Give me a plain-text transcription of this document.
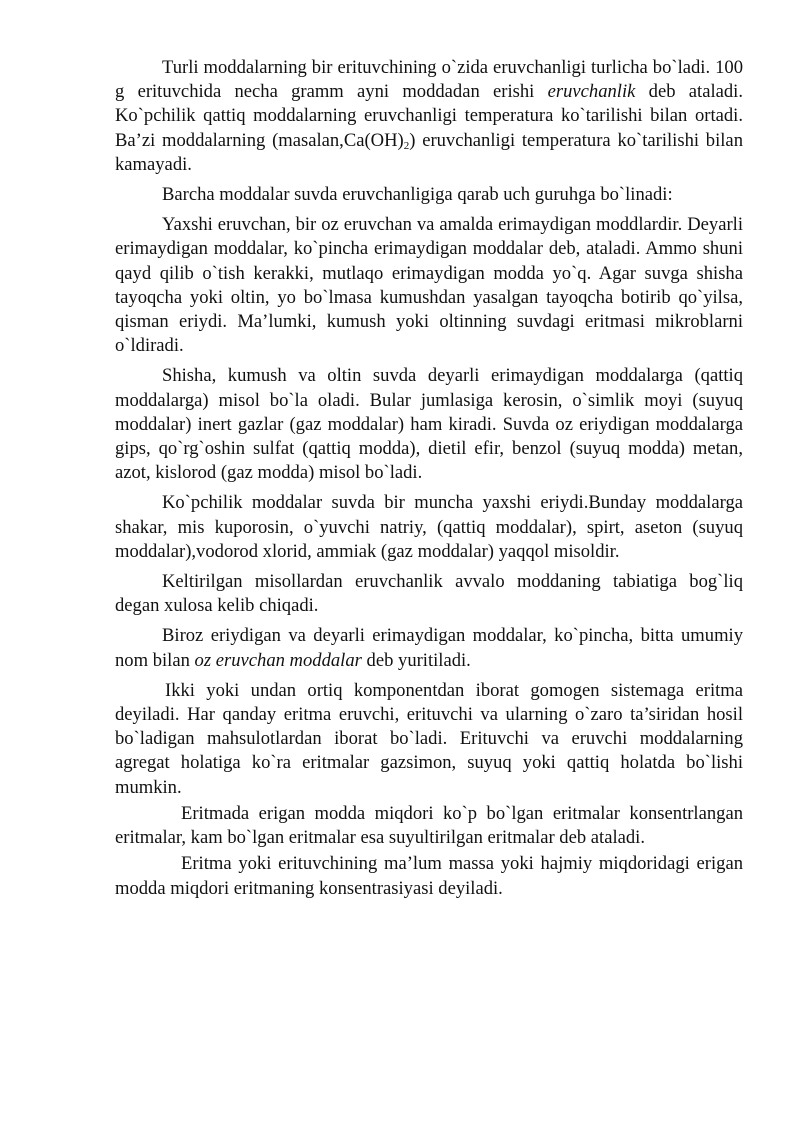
Turli moddalarning bir erituvchining o`zida eruvchanligi turlicha bo`ladi. 100 g erituvchida necha gramm ayni moddadan erishi eruvchanlik deb ataladi. Ko`pchilik qattiq moddalarning eruvchanligi temperatura ko`tarilishi bilan ortadi. Ba’zi moddalarning $(masalan,Ca(OH)_2)$ eruvchanligi temperatura ko`tarilishi bilan kamayadi.

Barcha moddalar suvda eruvchanligiga qarab uch guruhga bo`linadi:

Yaxshi eruvchan, bir oz eruvchan va amalda erimaydigan moddlardir. Deyarli erimaydigan moddalar, ko`pincha erimaydigan moddalar deb, ataladi. Ammo shuni qayd qilib o`tish kerakki, mutlaqo erimaydigan modda yo`q. Agar suvga shisha tayoqcha yoki oltin, yo bo`lmasa kumushdan yasalgan tayoqcha botirib qo`yilsa, qisman eriydi. Ma’lumki, kumush yoki oltinning suvdagi eritmasi mikroblarni o`ldiradi.

Shisha, kumush va oltin suvda deyarli erimaydigan moddalarga (qattiq moddalarga) misol bo`la oladi. Bular jumlasiga kerosin, o`simlik moyi (suyuq moddalar) inert gazlar (gaz moddalar) ham kiradi. Suvda oz eriydigan moddalarga gips, qo`rg`oshin sulfat (qattiq modda), dietil efir, benzol (suyuq modda) metan, azot, kislorod (gaz modda) misol bo`ladi.

Ko`pchilik moddalar suvda bir muncha yaxshi eriydi.Bunday moddalarga shakar, mis kuporosin, o`yuvchi natriy, (qattiq moddalar), spirt, aseton (suyuq moddalar),vodorod xlorid, ammiak (gaz moddalar) yaqqol misoldir.

Keltirilgan misollardan eruvchanlik avvalo moddaning tabiatiga bog`liq degan xulosa kelib chiqadi.

Biroz eriydigan va deyarli erimaydigan moddalar, ko`pincha, bitta umumiy nom bilan oz eruvchan moddalar deb yuritiladi.

Ikki yoki undan ortiq komponentdan iborat gomogen sistemaga eritma deyiladi. Har qanday eritma eruvchi, erituvchi va ularning o`zaro ta’siridan hosil bo`ladigan mahsulotlardan iborat bo`ladi. Erituvchi va eruvchi moddalarning agregat holatiga ko`ra eritmalar gazsimon, suyuq yoki qattiq holatda bo`lishi mumkin.

Eritmada erigan modda miqdori ko`p bo`lgan eritmalar konsentrlangan eritmalar, kam bo`lgan eritmalar esa suyultirilgan eritmalar deb ataladi.

Eritma yoki erituvchining ma’lum massa yoki hajmiy miqdoridagi erigan modda miqdori eritmaning konsentrasiyasi deyiladi.
